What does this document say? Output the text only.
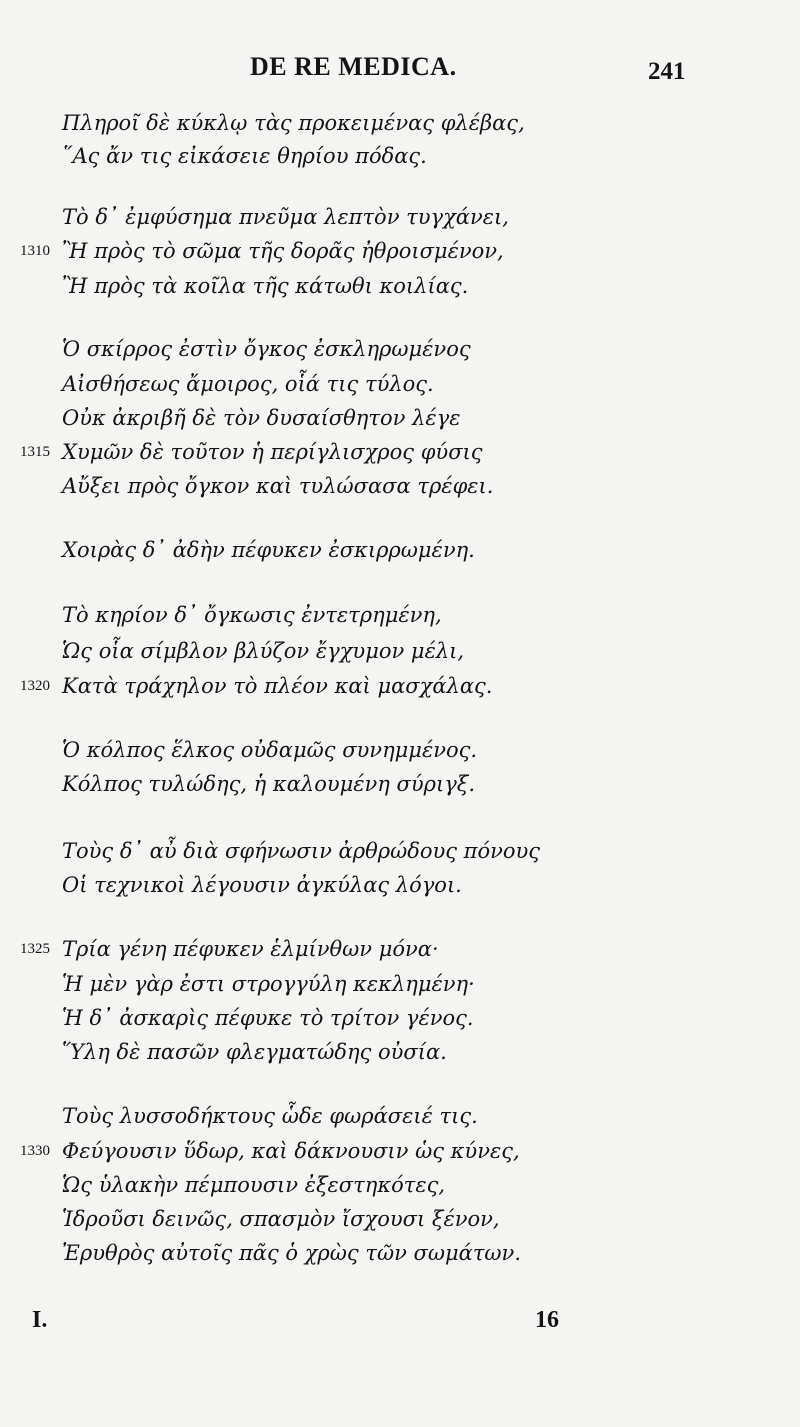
DE RE MEDICA.	241
Πληροῖ δὲ κύκλῳ τὰς προκειμένας φλέβας,
῞Ας ἄν τις εἰκάσειε θηρίου πόδας.
Τὸ δ᾽ ἐμφύσημα πνεῦμα λεπτὸν τυγχάνει,
1310 Ἢ πρὸς τὸ σῶμα τῆς δορᾶς ἠθροισμένον,
Ἢ πρὸς τὰ κοῖλα τῆς κάτωθι κοιλίας.
Ὁ σκίρρος ἐστὶν ὄγκος ἐσκληρωμένος
Αἰσθήσεως ἄμοιρος, οἷά τις τύλος.
Οὐκ ἀκριβῆ δὲ τὸν δυσαίσθητον λέγε
1315 Χυμῶν δὲ τοῦτον ἡ περίγλισχρος φύσις
Αὔξει πρὸς ὄγκον καὶ τυλώσασα τρέφει.
Χοιρὰς δ᾽ ἀδὴν πέφυκεν ἐσκιρρωμένη.
Τὸ κηρίον δ᾽ ὄγκωσις ἐντετρημένη,
Ὡς οἷα σίμβλον βλύζον ἔγχυμον μέλι,
1320 Κατὰ τράχηλον τὸ πλέον καὶ μασχάλας.
Ὁ κόλπος ἕλκος οὐδαμῶς συνημμένος.
Κόλπος τυλώδης, ἡ καλουμένη σύριγξ.
Τοὺς δ᾽ αὖ διὰ σφήνωσιν ἀρθρώδους πόνους
Οἱ τεχνικοὶ λέγουσιν ἀγκύλας λόγοι.
1325 Τρία γένη πέφυκεν ἑλμίνθων μόνα·
Ἡ μὲν γὰρ ἐστι στρογγύλη κεκλημένη·
Ἡ δ᾽ ἀσκαρὶς πέφυκε τὸ τρίτον γένος.
Ὕλη δὲ πασῶν φλεγματώδης οὐσία.
Τοὺς λυσσοδήκτους ὧδε φωράσειέ τις.
1330 Φεύγουσιν ὕδωρ, καὶ δάκνουσιν ὡς κύνες,
Ὡς ὑλακὴν πέμπουσιν ἐξεστηκότες,
Ἱδροῦσι δεινῶς, σπασμὸν ἴσχουσι ξένον,
Ἐρυθρὸς αὐτοῖς πᾶς ὁ χρὼς τῶν σωμάτων.
I.	16
